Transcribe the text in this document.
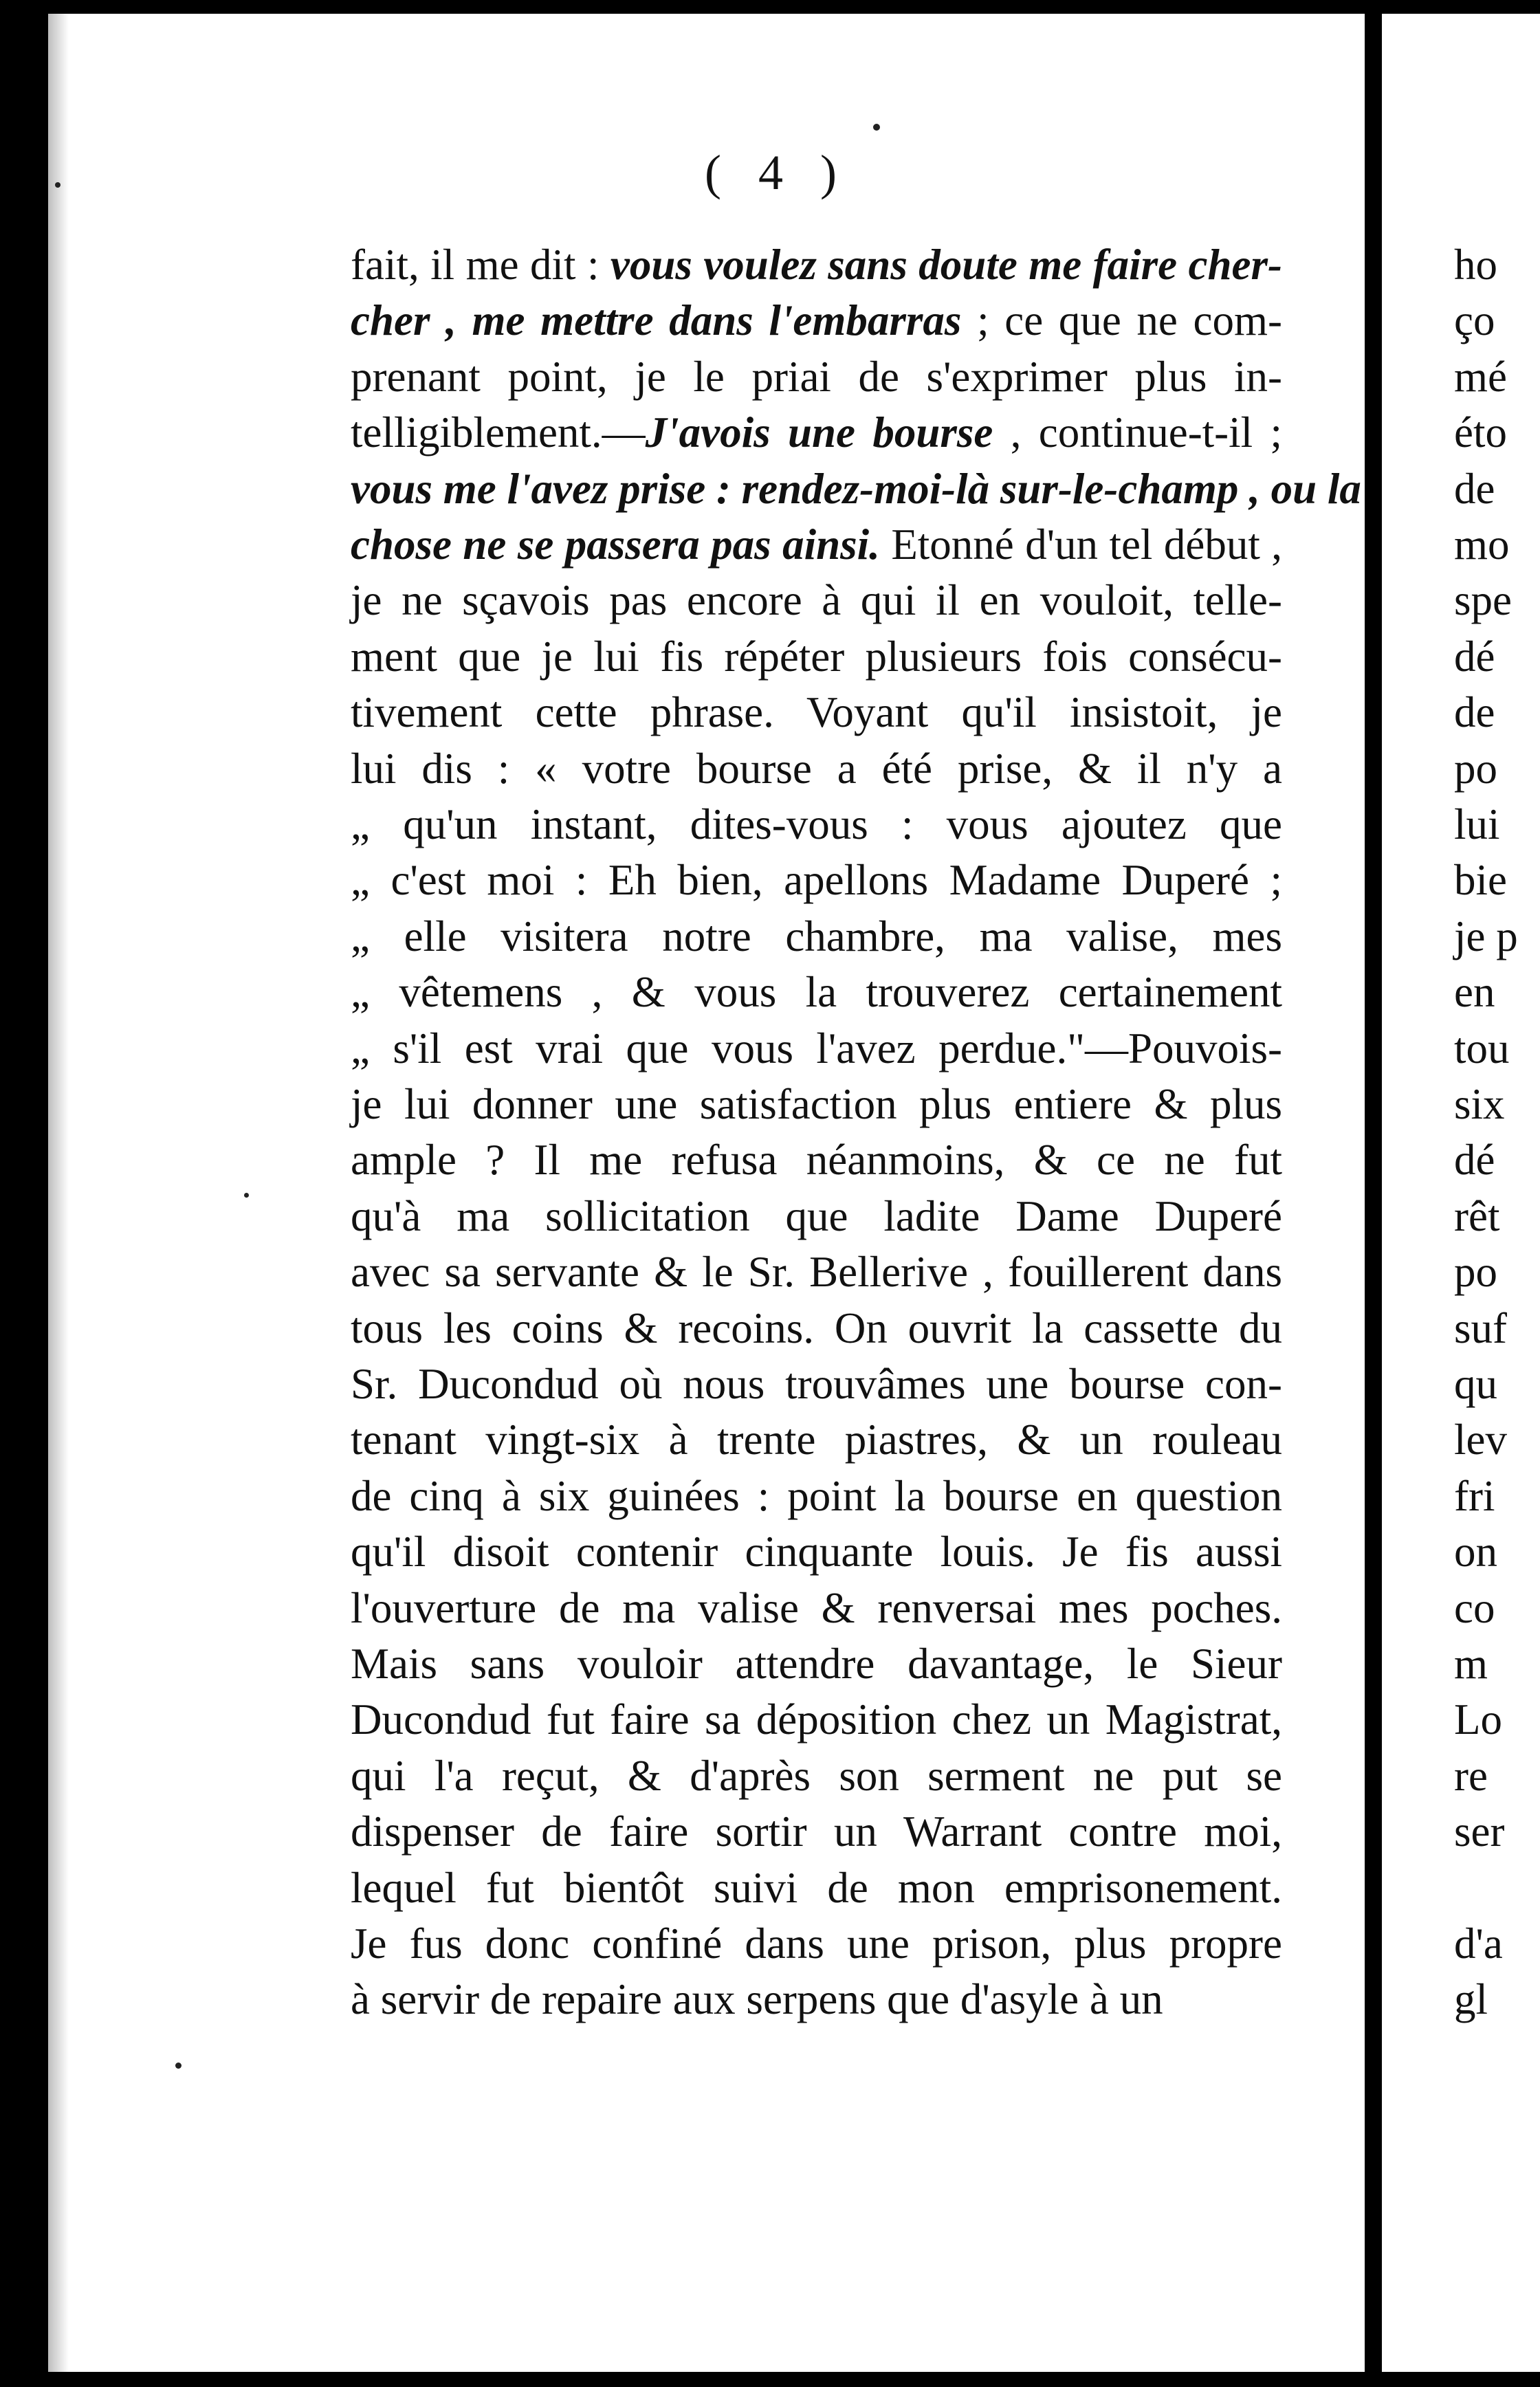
( 4 )
fait, il me dit : vous voulez sans doute me faire cher-
cher , me mettre dans l'embarras ; ce que ne com-
prenant point, je le priai de s'exprimer plus in-
telligiblement.—J'avois une bourse , continue-t-il ;
vous me l'avez prise : rendez-moi-là sur-le-champ , ou la
chose ne se passera pas ainsi. Etonné d'un tel début ,
je ne sçavois pas encore à qui il en vouloit, telle-
ment que je lui fis répéter plusieurs fois consécu-
tivement cette phrase. Voyant qu'il insistoit, je
lui dis : « votre bourse a été prise, & il n'y a
„ qu'un instant, dites-vous : vous ajoutez que
„ c'est moi : Eh bien, apellons Madame Duperé ;
„ elle visitera notre chambre, ma valise, mes
„ vêtemens , & vous la trouverez certainement
„ s'il est vrai que vous l'avez perdue."—Pouvois-
je lui donner une satisfaction plus entiere & plus
ample ? Il me refusa néanmoins, & ce ne fut
qu'à ma sollicitation que ladite Dame Duperé
avec sa servante & le Sr. Bellerive , fouillerent dans
tous les coins & recoins. On ouvrit la cassette du
Sr. Ducondud où nous trouvâmes une bourse con-
tenant vingt-six à trente piastres, & un rouleau
de cinq à six guinées : point la bourse en question
qu'il disoit contenir cinquante louis. Je fis aussi
l'ouverture de ma valise & renversai mes poches.
Mais sans vouloir attendre davantage, le Sieur
Ducondud fut faire sa déposition chez un Magistrat,
qui l'a reçut, & d'après son serment ne put se
dispenser de faire sortir un Warrant contre moi,
lequel fut bientôt suivi de mon emprisonement.
Je fus donc confiné dans une prison, plus propre
à servir de repaire aux serpens que d'asyle à un
ho
ço
mé
éto
de
mo
spe
dé
de
po
lui
bie
je p
en
tou
six
dé
rêt
po
suf
qu
lev
fri
on
co
m
Lo
re
ser
d'a
gl
